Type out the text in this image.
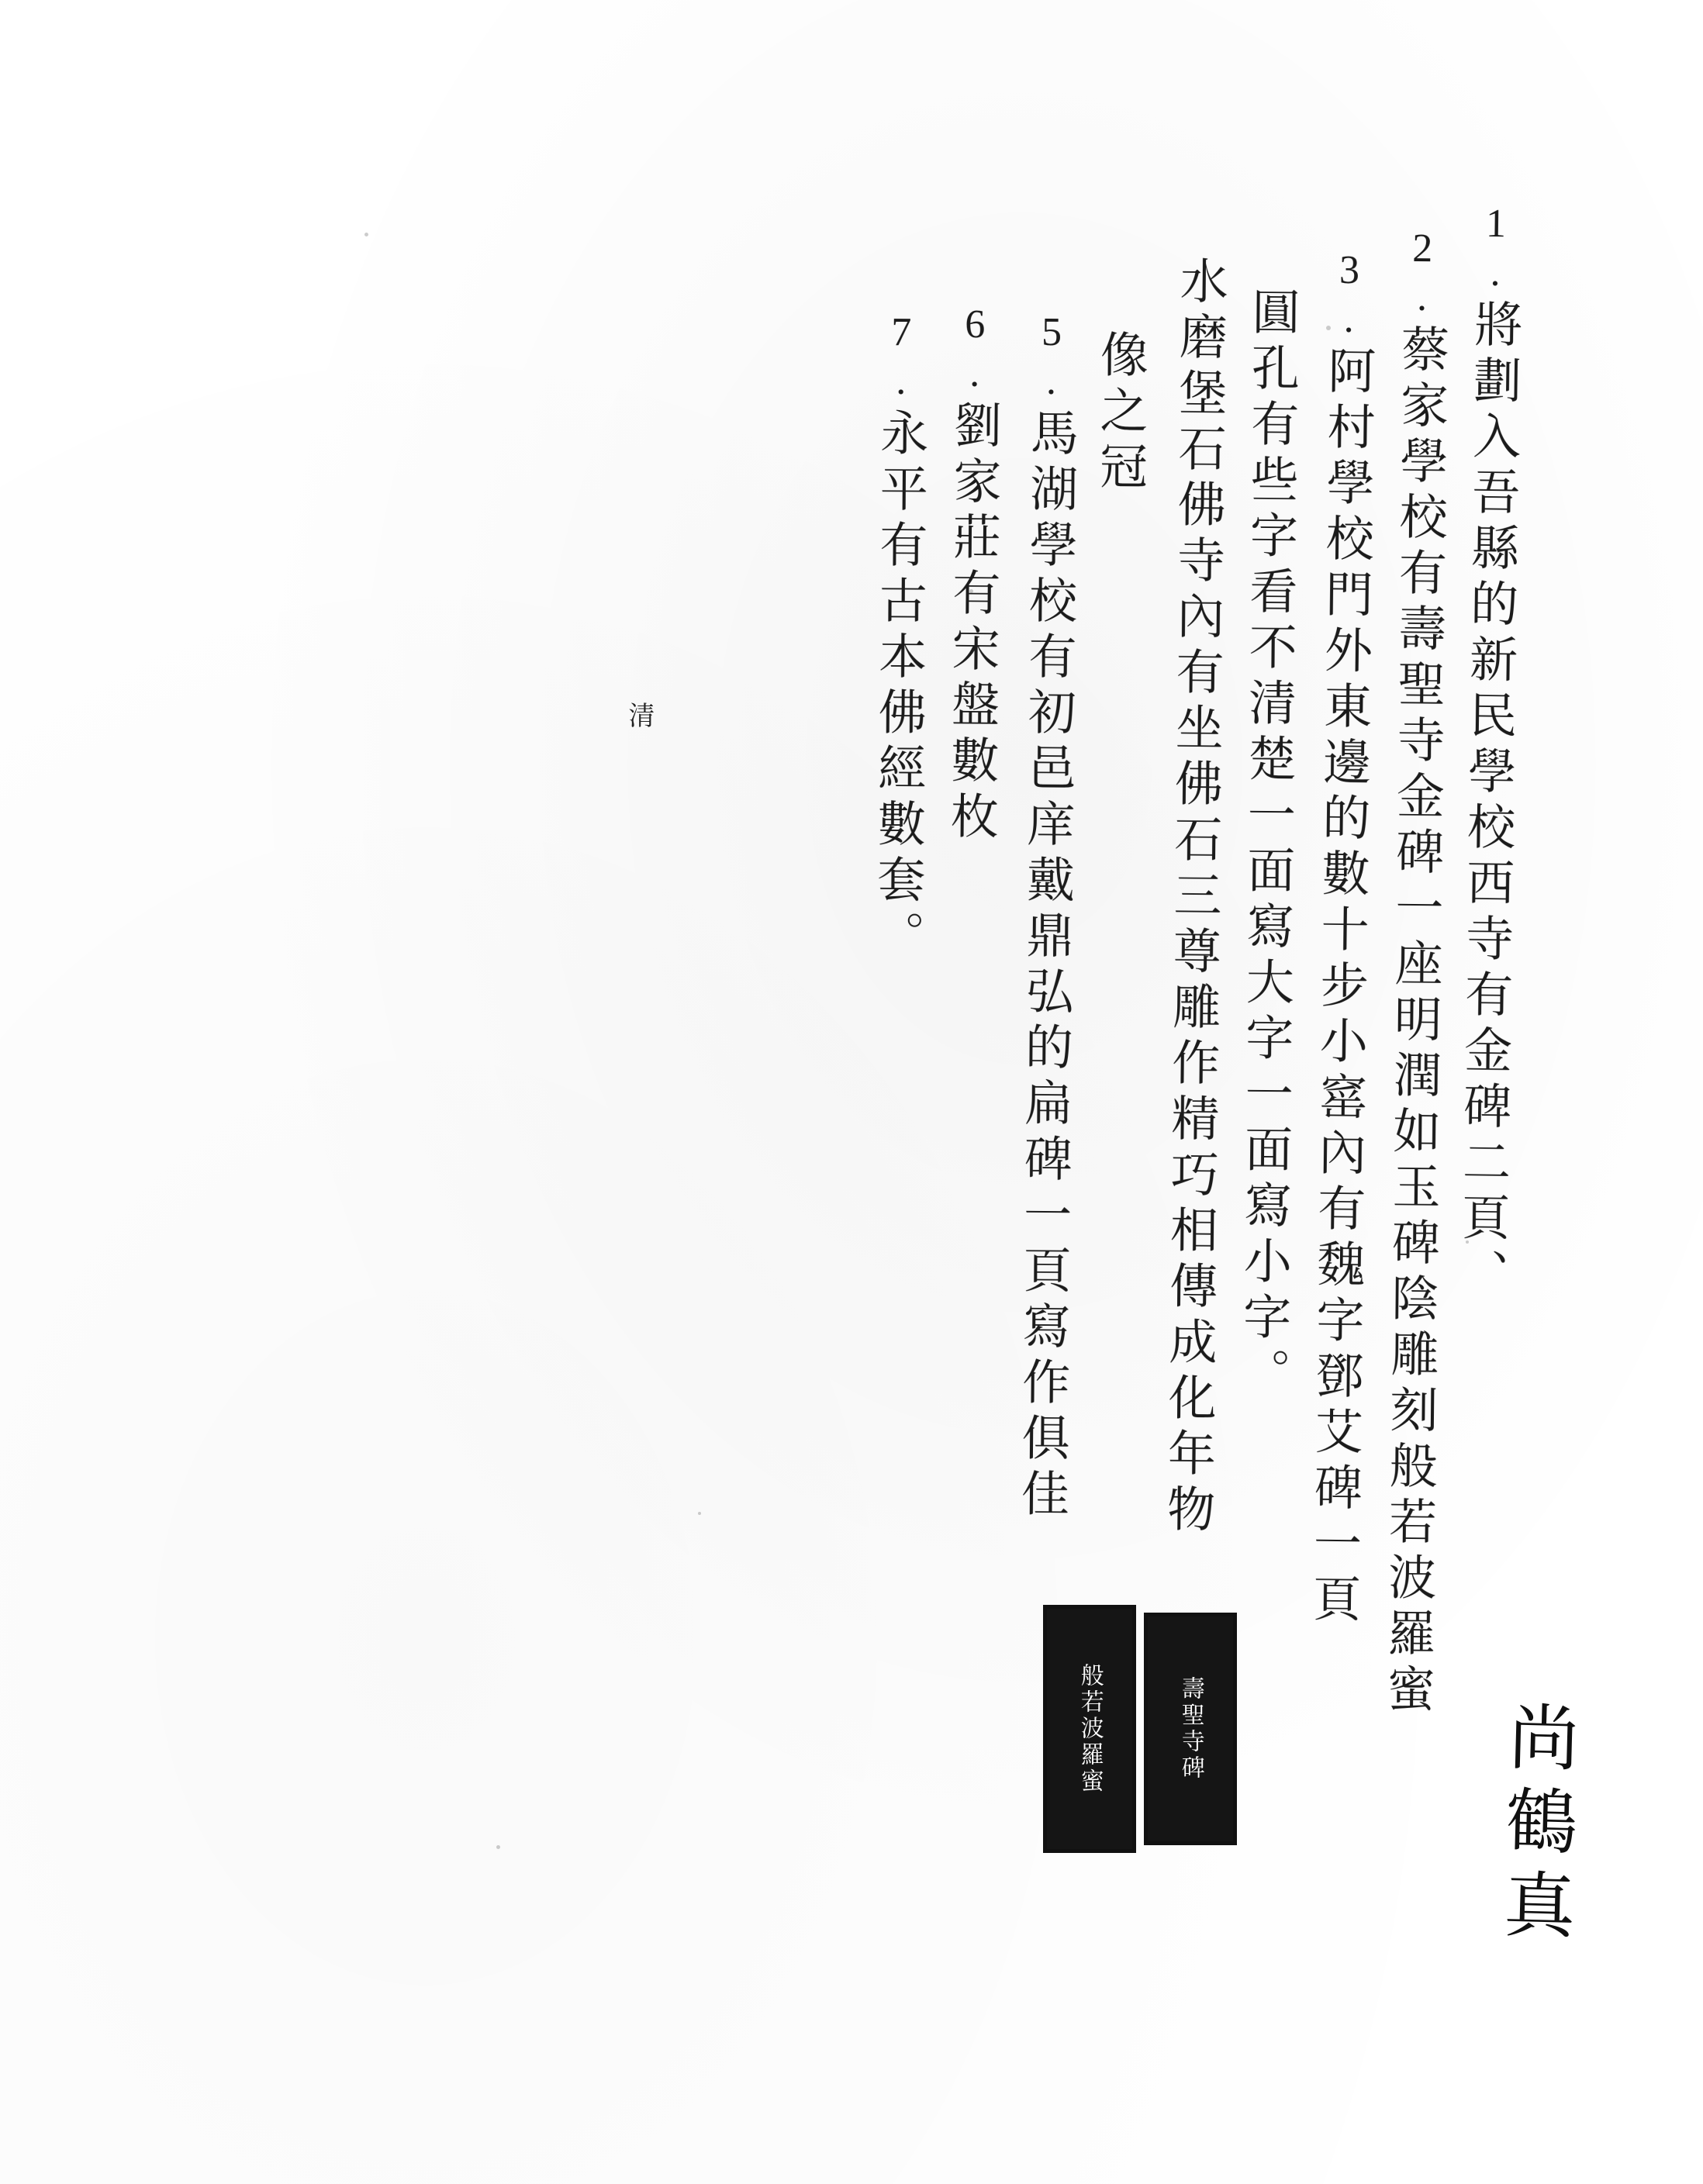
1.將劃入吾縣的新民學校西寺有金碑二頁、
2.蔡家學校有壽聖寺金碑一座明潤如玉碑陰雕刻般若波羅蜜
3.阿村學校門外東邊的數十步小窰內有魏字鄧艾碑一頁
圓孔有些字看不清楚一面寫大字一面寫小字。
水磨堡石佛寺內有坐佛石三尊雕作精巧相傳成化年物
像之冠
5.馬湖學校有初邑庠戴鼎弘的扁碑一頁寫作俱佳
6.劉家莊有宋盤數枚
7.永平有古本佛經數套。
清
般若波羅蜜	壽聖寺碑	尚鶴真
